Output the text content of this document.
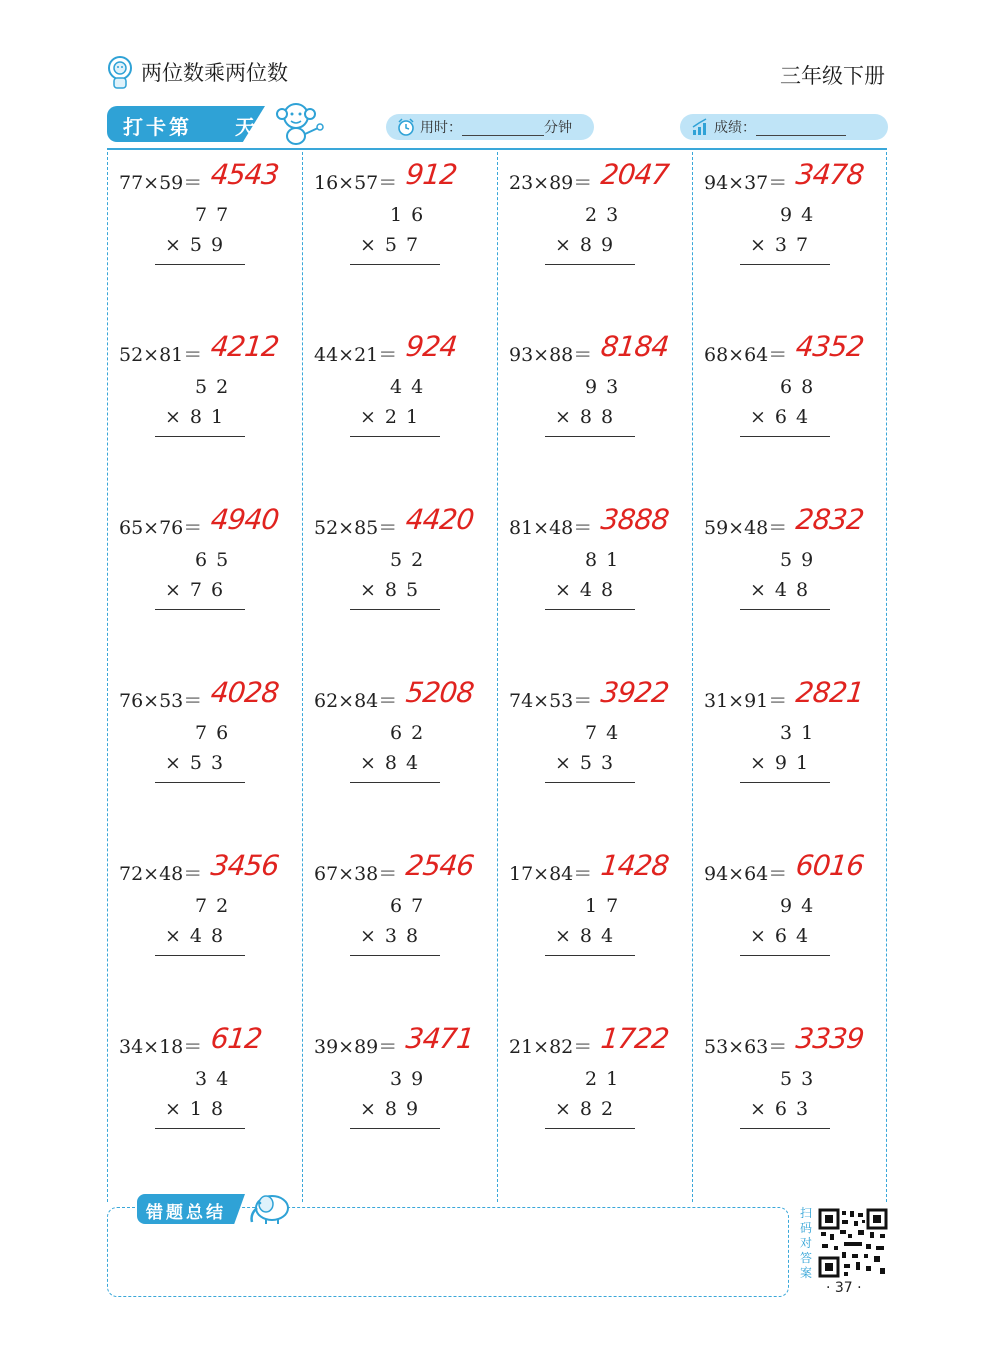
两位数乘两位数	三年级下册
打卡第 天	用时：	分钟	成绩：
77×59＝ 4543
77
×59
16×57＝ 912
16
×57
23×89＝ 2047
23
×89
94×37＝ 3478
94
×37
52×81＝ 4212
52
×81
44×21＝ 924
44
×21
93×88＝ 8184
93
×88
68×64＝ 4352
68
×64
65×76＝ 4940
65
×76
52×85＝ 4420
52
×85
81×48＝ 3888
81
×48
59×48＝ 2832
59
×48
76×53＝ 4028
76
×53
62×84＝ 5208
62
×84
74×53＝ 3922
74
×53
31×91＝ 2821
31
×91
72×48＝ 3456
72
×48
67×38＝ 2546
67
×38
17×84＝ 1428
17
×84
94×64＝ 6016
94
×64
34×18＝ 612
34
×18
39×89＝ 3471
39
×89
21×82＝ 1722
21
×82
53×63＝ 3339
53
×63
错题总结	扫码对答案
· 37 ·
